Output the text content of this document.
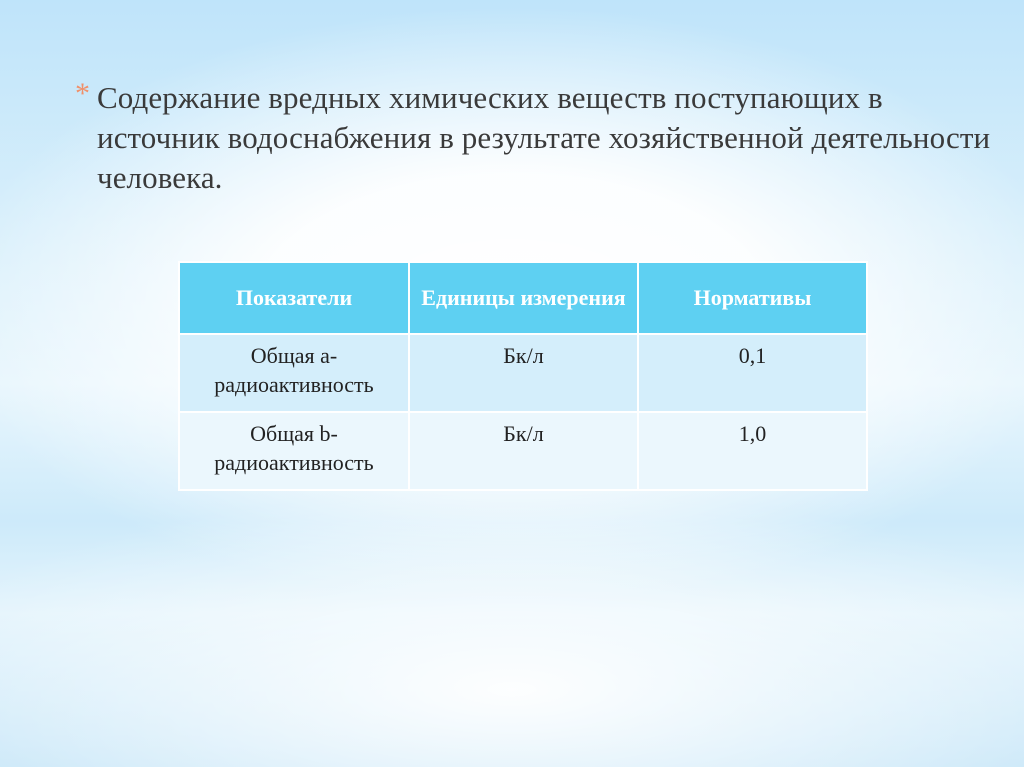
* Содержание вредных химических веществ поступающих в источник водоснабжения в результате хозяйственной деятельности человека.
Показатели	Единицы измерения	Нормативы
Общая a-радиоактивность	Бк/л	0,1
Общая b-радиоактивность	Бк/л	1,0
